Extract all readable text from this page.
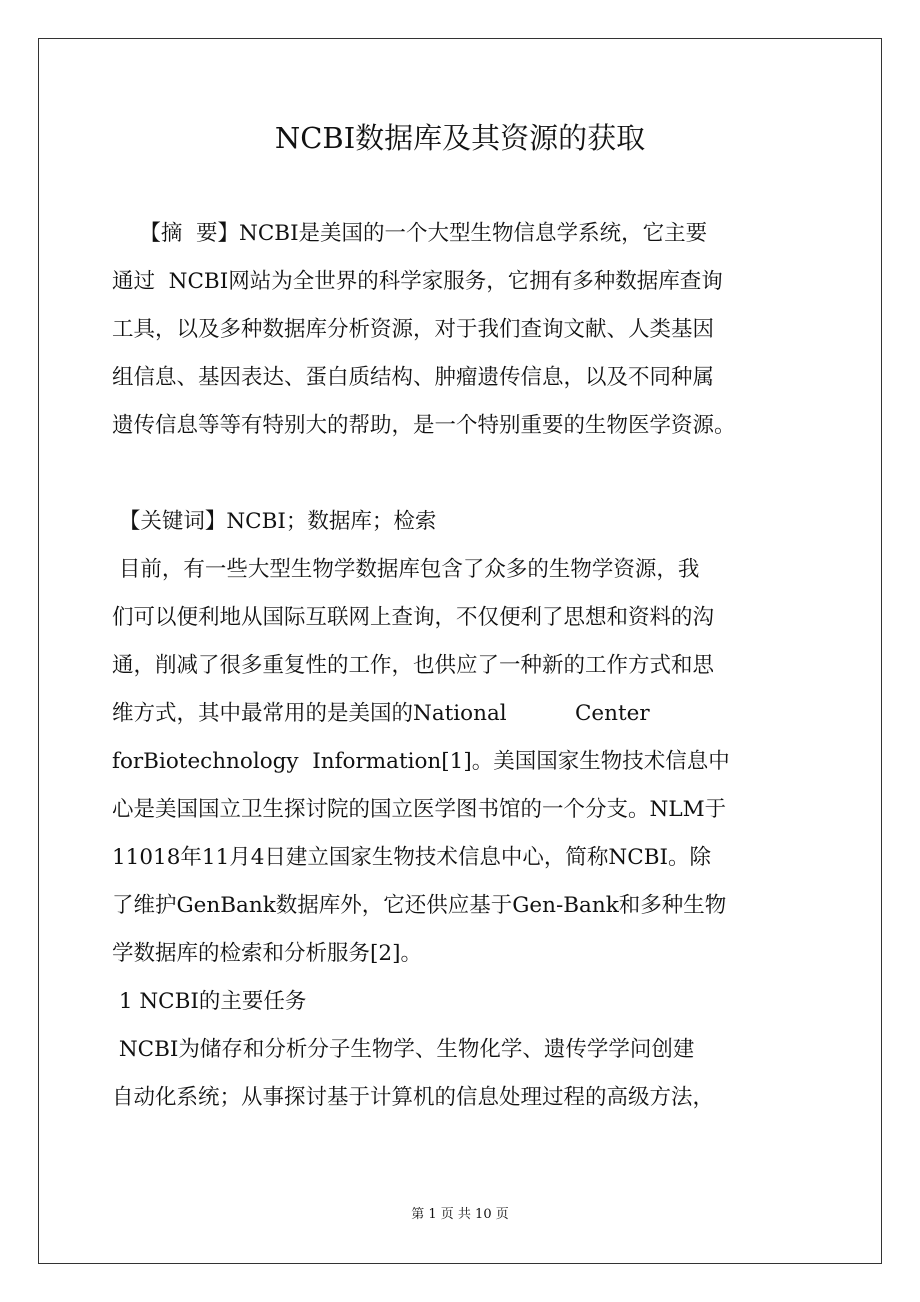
NCBI数据库及其资源的获取
【摘  要】NCBI是美国的一个大型生物信息学系统，它主要
通过  NCBI网站为全世界的科学家服务，它拥有多种数据库查询
工具，以及多种数据库分析资源，对于我们查询文献、人类基因
组信息、基因表达、蛋白质结构、肿瘤遗传信息，以及不同种属
遗传信息等等有特别大的帮助，是一个特别重要的生物医学资源。
【关键词】NCBI；数据库；检索
目前，有一些大型生物学数据库包含了众多的生物学资源，我
们可以便利地从国际互联网上查询，不仅便利了思想和资料的沟
通，削减了很多重复性的工作，也供应了一种新的工作方式和思
维方式，其中最常用的是美国的National          Center
forBiotechnology  Information[1]。美国国家生物技术信息中
心是美国国立卫生探讨院的国立医学图书馆的一个分支。NLM于
11018年11月4日建立国家生物技术信息中心，简称NCBI。除
了维护GenBank数据库外，它还供应基于Gen-Bank和多种生物
学数据库的检索和分析服务[2]。
1 NCBI的主要任务
NCBI为储存和分析分子生物学、生物化学、遗传学学问创建
自动化系统；从事探讨基于计算机的信息处理过程的高级方法，
第 1 页 共 10 页
